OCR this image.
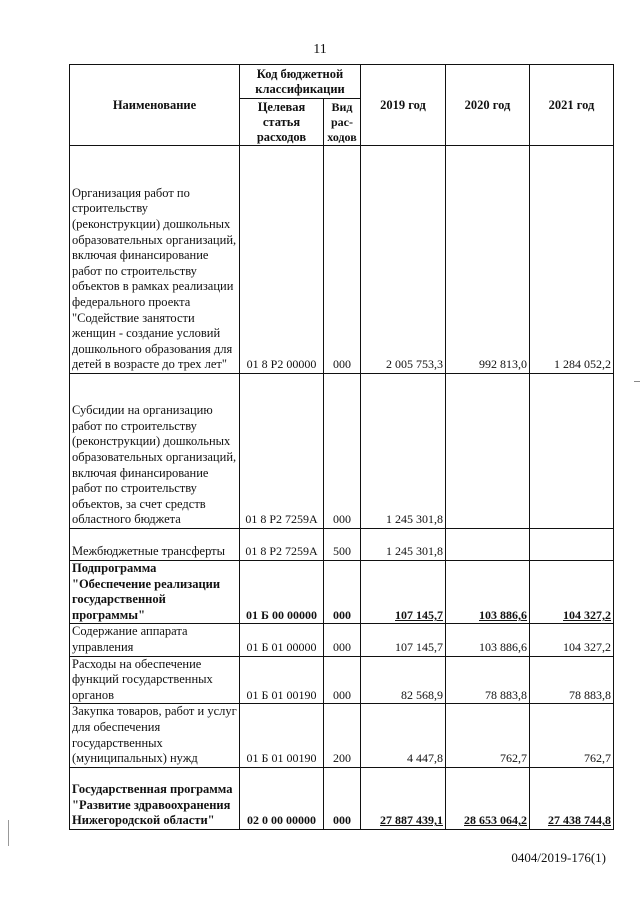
11
Наименование	Код бюджетной классификации		2019 год	2020 год	2021 год
	Целевая статья расходов	Вид рас-ходов			
Организация работ по строительству (реконструкции) дошкольных образовательных организаций, включая финансирование работ по строительству объектов в рамках реализации федерального проекта "Содействие занятости женщин - создание условий дошкольного образования для детей в возрасте до трех лет"	01 8 P2 00000	000	2 005 753,3	992 813,0	1 284 052,2
Субсидии на организацию работ по строительству (реконструкции) дошкольных образовательных организаций, включая финансирование работ по строительству объектов, за счет средств областного бюджета	01 8 P2 7259A	000	1 245 301,8		
Межбюджетные трансферты	01 8 P2 7259A	500	1 245 301,8		
Подпрограмма "Обеспечение реализации государственной программы"	01 Б 00 00000	000	107 145,7	103 886,6	104 327,2
Содержание аппарата управления	01 Б 01 00000	000	107 145,7	103 886,6	104 327,2
Расходы на обеспечение функций государственных органов	01 Б 01 00190	000	82 568,9	78 883,8	78 883,8
Закупка товаров, работ и услуг для обеспечения государственных (муниципальных) нужд	01 Б 01 00190	200	4 447,8	762,7	762,7
Государственная программа "Развитие здравоохранения Нижегородской области"	02 0 00 00000	000	27 887 439,1	28 653 064,2	27 438 744,8
0404/2019-176(1)
